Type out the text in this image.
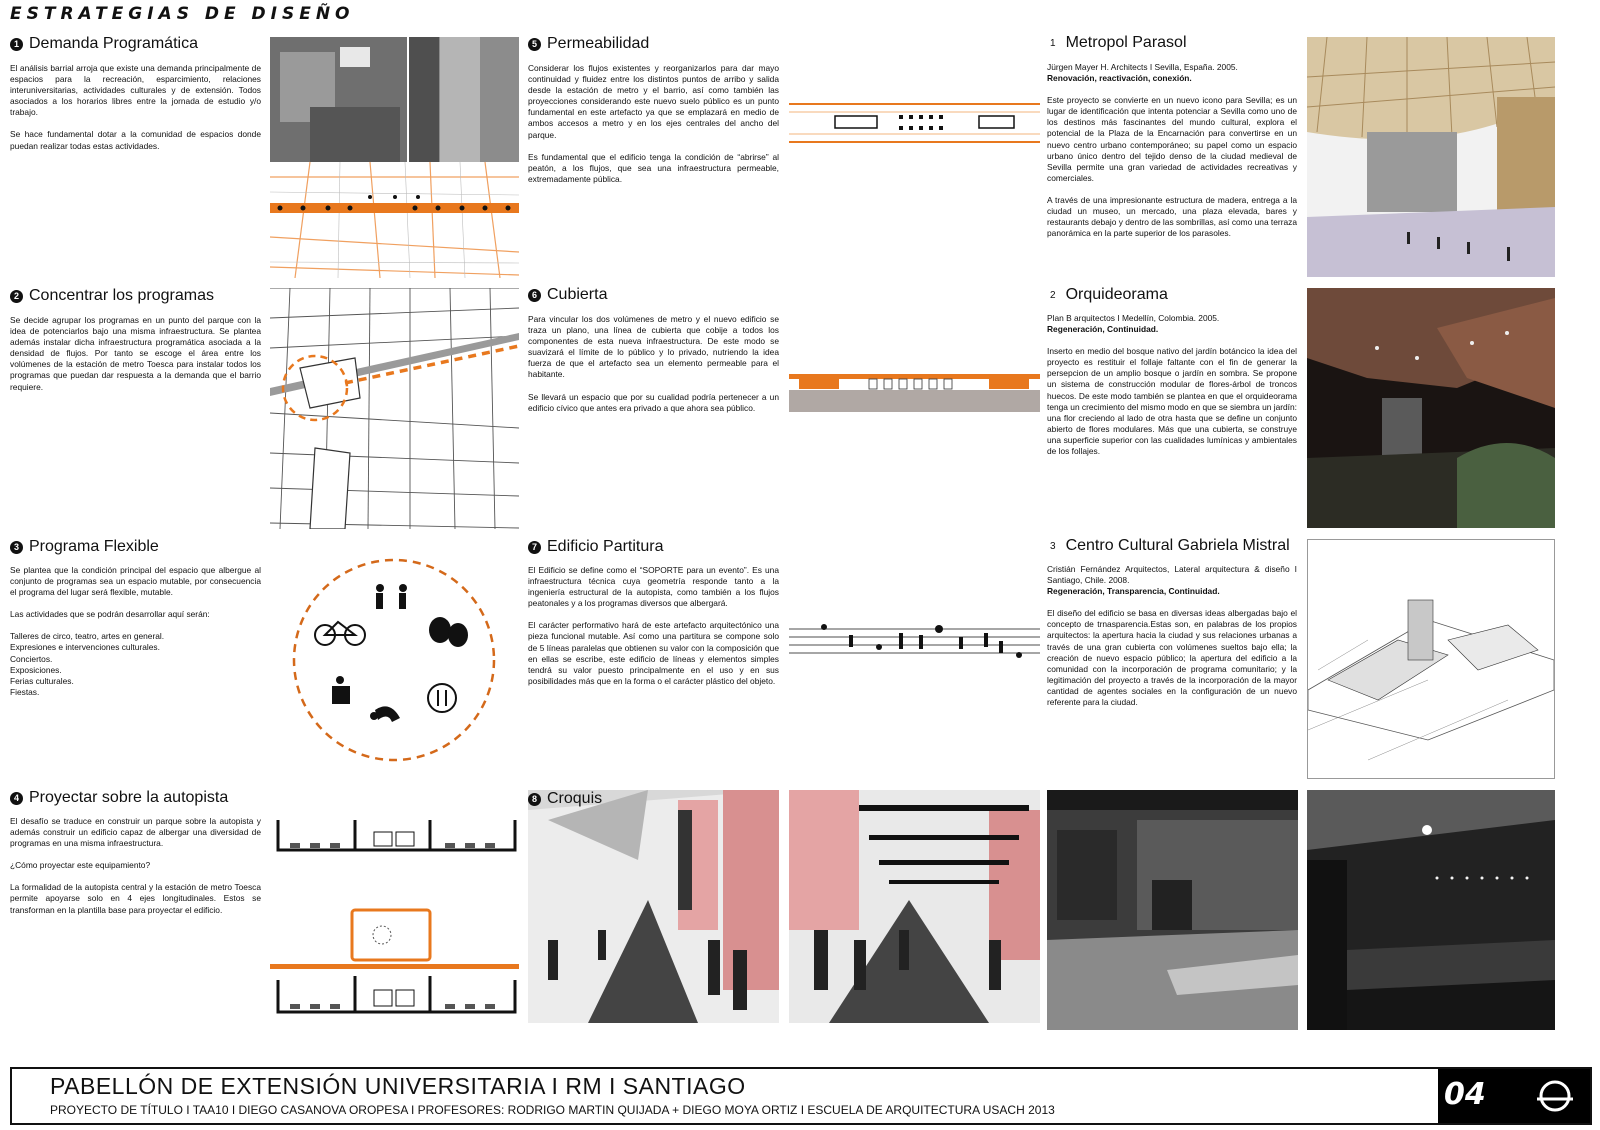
ESTRATEGIAS DE DISEÑO
1 Demanda Programática

El análisis barrial arroja que existe una demanda principalmente de espacios para la recreación, esparcimiento, relaciones interuniversitarias, actividades culturales y de extensión. Todos asociados a los horarios libres entre la jornada de estudio y/o trabajo.

Se hace fundamental dotar a la comunidad de espacios donde puedan realizar todas estas actividades.

2 Concentrar los programas

Se decide agrupar los programas en un punto del parque con la idea de potenciarlos bajo una misma infraestructura. Se plantea además instalar dicha infraestructura programática asociada a la densidad de flujos. Por tanto se escoge el área entre los volúmenes de la estación de metro Toesca para instalar todos los programas que puedan dar respuesta a la demanda que el barrio requiere.

3 Programa Flexible

Se plantea que la condición principal del espacio que albergue al conjunto de programas sea un espacio mutable, por consecuencia el programa del lugar será flexible, mutable.

Las actividades que se podrán desarrollar aquí serán:

Talleres de circo, teatro, artes en general.
Expresiones e intervenciones culturales.
Conciertos.
Exposiciones.
Ferias culturales.
Fiestas.
4 Proyectar sobre la autopista

El desafío se traduce en construir un parque sobre la autopista y además construir un edificio capaz de albergar una diversidad de programas en una misma infraestructura.

¿Cómo proyectar este equipamiento?

La formalidad de la autopista central y la estación de metro Toesca permite apoyarse solo en 4 ejes longitudinales. Estos se transforman en la plantilla base para proyectar el edificio.

5 Permeabilidad

Considerar los flujos existentes y reorganizarlos para dar mayo continuidad y fluidez entre los distintos puntos de arribo y salida desde la estación de metro y el barrio, así como también las proyecciones considerando este nuevo suelo público es un punto fundamental en este artefacto ya que se emplazará en medio de ambos accesos a metro y en los ejes centrales del ancho del parque.

Es fundamental que el edificio tenga la condición de “abrirse” al peatón, a los flujos, que sea una infraestructura permeable, extremadamente pública.

6 Cubierta

Para vincular los dos volúmenes de metro y el nuevo edificio se traza un plano, una línea de cubierta que cobije a todos los componentes de esta nueva infraestructura. De este modo se suavizará el límite de lo público y lo privado, nutriendo la idea fuerza de que el artefacto sea un elemento permeable para el habitante.

Se llevará un espacio que por su cualidad podría pertenecer a un edificio cívico que antes era privado a que ahora sea público.

7 Edificio Partitura

El Edificio se define como el “SOPORTE para un evento”. Es una infraestructura técnica cuya geometría responde tanto a la ingeniería estructural de la autopista, como también a los flujos peatonales y a los programas diversos que albergará.

El carácter performativo hará de este artefacto arquitectónico una pieza funcional mutable. Así como una partitura se compone solo de 5 líneas paralelas que obtienen su valor con la composición que en ellas se escribe, este edificio de líneas y elementos simples tendrá su valor puesto principalmente en el uso y en sus posibilidades más que en la forma o el carácter plástico del objeto.

8 Croquis
1 Metropol Parasol
Jürgen Mayer H. Architects I Sevilla, España. 2005.

Renovación, reactivación, conexión.

Este proyecto se convierte en un nuevo icono para Sevilla; es un lugar de identificación que intenta potenciar a Sevilla como uno de los destinos más fascinantes del mundo cultural, explora el potencial de la Plaza de la Encarnación para convertirse en un nuevo centro urbano contemporáneo; su papel como un espacio urbano único dentro del tejido denso de la ciudad medieval de Sevilla permite una gran variedad de actividades recreativas y comerciales.

A través de una impresionante estructura de madera, entrega a la ciudad un museo, un mercado, una plaza elevada, bares y restaurants debajo y dentro de las sombrillas, así como una terraza panorámica en la parte superior de los parasoles.

2 Orquideorama
Plan B arquitectos I Medellín, Colombia. 2005.

Regeneración, Continuidad.

Inserto en medio del bosque nativo del jardín botáncico la idea del proyecto es restituir el follaje faltante con el fin de generar la persepcion de un amplio bosque o jardín en sombra. Se propone un sistema de construcción modular de flores-árbol de troncos huecos. De este modo también se plantea en que el orquideorama tenga un crecimiento del mismo modo en que se siembra un jardín: una flor creciendo al lado de otra hasta que se define un conjunto abierto de flores modulares. Más que una cubierta, se construye una superficie superior con las cualidades lumínicas y ambientales de los follajes.

3 Centro Cultural Gabriela Mistral
Cristián Fernández Arquitectos, Lateral arquitectura & diseño I Santiago, Chile. 2008.

Regeneración, Transparencia, Continuidad.

El diseño del edificio se basa en diversas ideas albergadas bajo el concepto de trnasparencia.Estas son, en palabras de los propios arquitectos: la apertura hacia la ciudad y sus relaciones urbanas a través de una gran cubierta con volúmenes sueltos bajo ella; la creación de nuevo espacio público; la apertura del edificio a la comunidad con la incorporación de programa comunitario; y la legitimación del proyecto a través de la incorporación de la mayor cantidad de agentes sociales en la configuración de un nuevo referente para la ciudad.

PABELLÓN DE EXTENSIÓN UNIVERSITARIA I RM I SANTIAGO
PROYECTO DE TÍTULO I TAA10 I DIEGO CASANOVA OROPESA I PROFESORES: RODRIGO MARTIN QUIJADA + DIEGO MOYA ORTIZ I ESCUELA DE ARQUITECTURA USACH 2013	04
